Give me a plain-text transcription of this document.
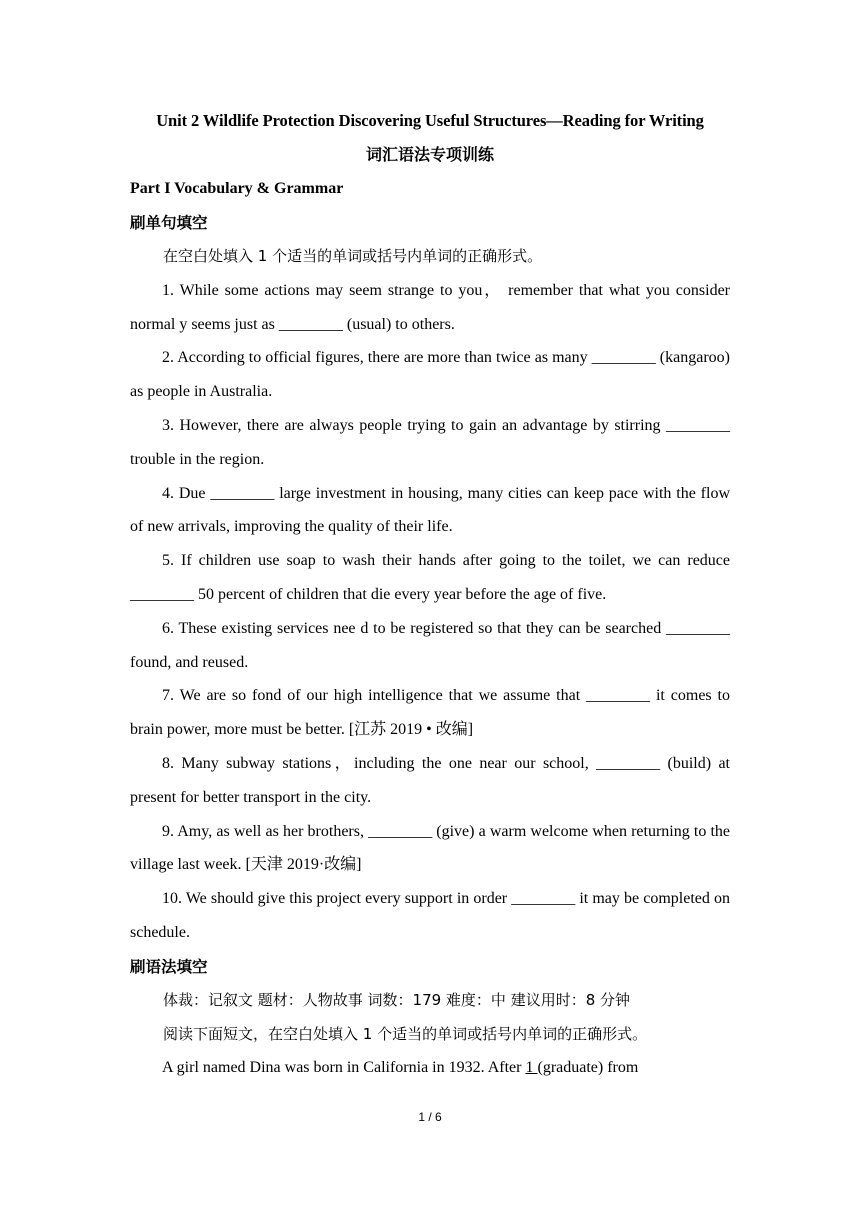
Unit 2 Wildlife Protection Discovering Useful Structures—Reading for Writing

词汇语法专项训练

Part I Vocabulary & Grammar

刷单句填空

在空白处填入 1 个适当的单词或括号内单词的正确形式。

1. While some actions may seem strange to you， remember that what you consider normal y seems just as ________ (usual) to others.
2. According to official figures, there are more than twice as many ________ (kangaroo) as people in Australia.
3. However, there are always people trying to gain an advantage by stirring ________ trouble in the region.
4. Due ________ large investment in housing, many cities can keep pace with the flow of new arrivals, improving the quality of their life.
5. If children use soap to wash their hands after going to the toilet, we can reduce ________ 50 percent of children that die every year before the age of five.
6. These existing services nee d to be registered so that they can be searched ________ found, and reused.
7. We are so fond of our high intelligence that we assume that ________ it comes to brain power, more must be better. [江苏 2019 • 改编]
8. Many subway stations，including the one near our school, ________ (build) at present for better transport in the city.
9. Amy, as well as her brothers, ________ (give) a warm welcome when returning to the village last week. [天津 2019·改编]
10. We should give this project every support in order ________ it may be completed on schedule.

刷语法填空

体裁：记叙文 题材：人物故事 词数：179 难度：中 建议用时：8 分钟

阅读下面短文，在空白处填入 1 个适当的单词或括号内单词的正确形式。

A girl named Dina was born in California in 1932. After 1 (graduate) from

1 / 6
